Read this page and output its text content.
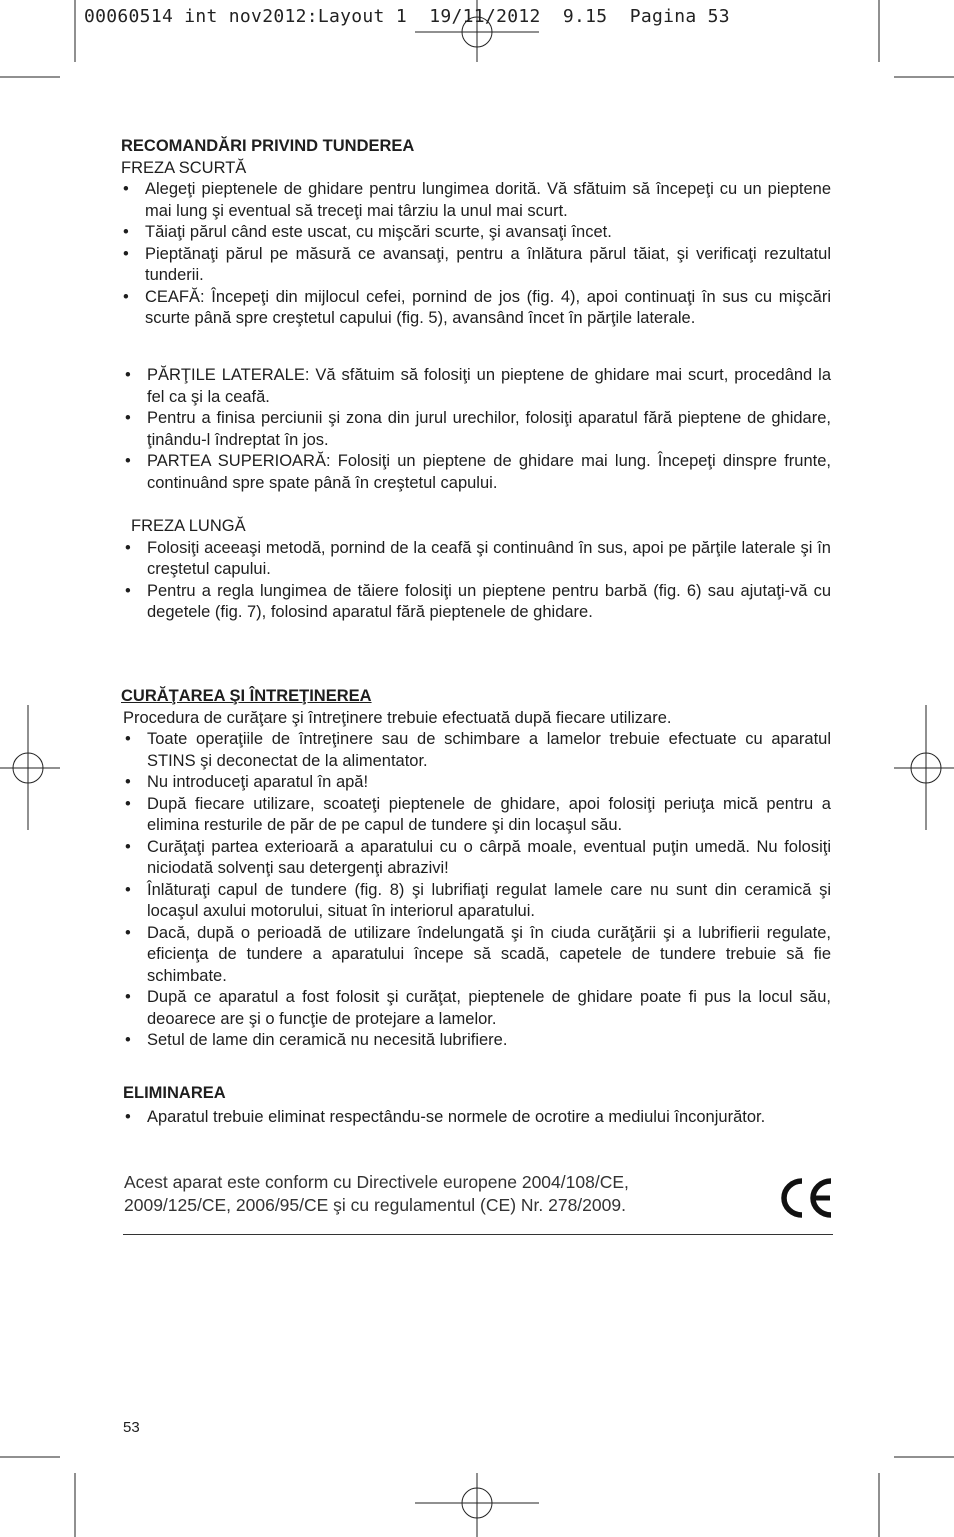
00060514 int nov2012:Layout 1  19/11/2012  9.15  Pagina 53
RECOMANDĂRI PRIVIND TUNDEREA
FREZA SCURTĂ
• Alegeţi pieptenele de ghidare pentru lungimea dorită. Vă sfătuim să începeţi cu un pieptene mai lung şi eventual să treceţi mai târziu la unul mai scurt.
• Tăiaţi părul când este uscat, cu mişcări scurte, şi avansaţi încet.
• Pieptănaţi părul pe măsură ce avansaţi, pentru a înlătura părul tăiat, şi verificaţi rezultatul tunderii.
• CEAFĂ: Începeţi din mijlocul cefei, pornind de jos (fig. 4), apoi continuaţi în sus cu mişcări scurte până spre creştetul capului (fig. 5), avansând încet în părţile laterale.
• PĂRŢILE LATERALE: Vă sfătuim să folosiţi un pieptene de ghidare mai scurt, procedând la fel ca şi la ceafă.
• Pentru a finisa perciunii şi zona din jurul urechilor, folosiţi aparatul fără pieptene de ghidare, ţinându-l îndreptat în jos.
• PARTEA SUPERIOARĂ: Folosiţi un pieptene de ghidare mai lung. Începeţi dinspre frunte, continuând spre spate până în creştetul capului.
FREZA LUNGĂ
• Folosiţi aceeaşi metodă, pornind de la ceafă şi continuând în sus, apoi pe părţile laterale şi în creştetul capului.
• Pentru a regla lungimea de tăiere folosiţi un pieptene pentru barbă (fig. 6) sau ajutaţi-vă cu degetele (fig. 7), folosind aparatul fără pieptenele de ghidare.
CURĂŢAREA ŞI ÎNTREŢINEREA
Procedura de curăţare şi întreţinere trebuie efectuată după fiecare utilizare.
• Toate operaţiile de întreţinere sau de schimbare a lamelor trebuie efectuate cu aparatul STINS şi deconectat de la alimentator.
• Nu introduceţi aparatul în apă!
• După fiecare utilizare, scoateţi pieptenele de ghidare, apoi folosiţi periuţa mică pentru a elimina resturile de păr de pe capul de tundere şi din locaşul său.
• Curăţaţi partea exterioară a aparatului cu o cârpă moale, eventual puţin umedă. Nu folosiţi niciodată solvenţi sau detergenţi abrazivi!
• Înlăturaţi capul de tundere (fig. 8) şi lubrifiaţi regulat lamele care nu sunt din ceramică şi locaşul axului motorului, situat în interiorul aparatului.
• Dacă, după o perioadă de utilizare îndelungată şi în ciuda curăţării şi a lubrifierii regulate, eficienţa de tundere a aparatului începe să scadă, capetele de tundere trebuie să fie schimbate.
• După ce aparatul a fost folosit şi curăţat, pieptenele de ghidare poate fi pus la locul său, deoarece are şi o funcţie de protejare a lamelor.
• Setul de lame din ceramică nu necesită lubrifiere.
ELIMINAREA
• Aparatul trebuie eliminat respectându-se normele de ocrotire a mediului înconjurător.
Acest aparat este conform cu Directivele europene 2004/108/CE,
2009/125/CE, 2006/95/CE şi cu regulamentul (CE) Nr. 278/2009.
53
